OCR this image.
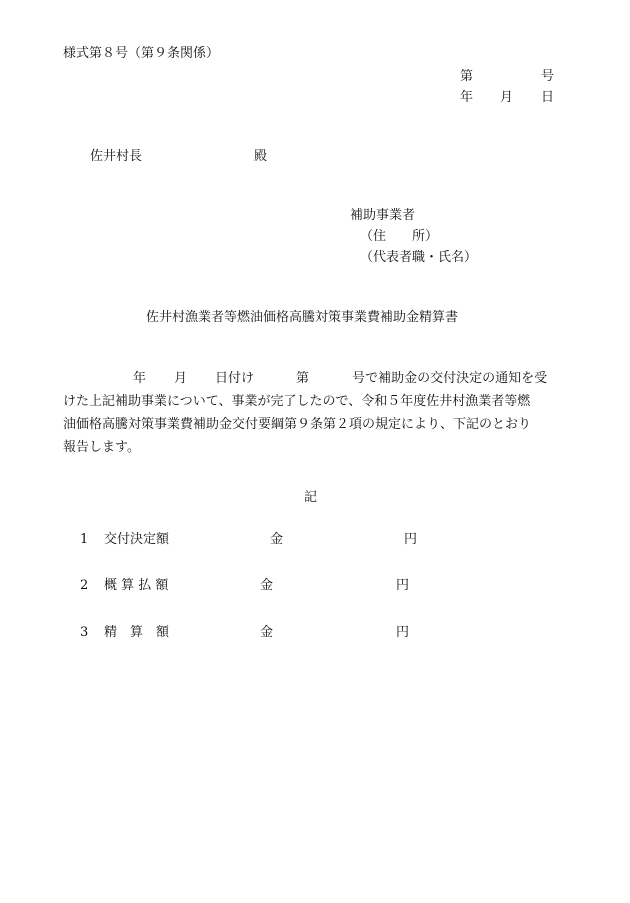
様式第８号（第９条関係）
第	号
年 月 日
佐井村長	殿
補助事業者
（住　　所）
（代表者職・氏名）
佐井村漁業者等燃油価格高騰対策事業費補助金精算書
年 月 日付け	第	号で補助金の交付決定の通知を受
けた上記補助事業について、事業が完了したので、令和５年度佐井村漁業者等燃
油価格高騰対策事業費補助金交付要綱第９条第２項の規定により、下記のとおり
報告します。
記
1 交付決定額	金	円
2 概 算 払 額	金	円
3 精　算　額	金	円
